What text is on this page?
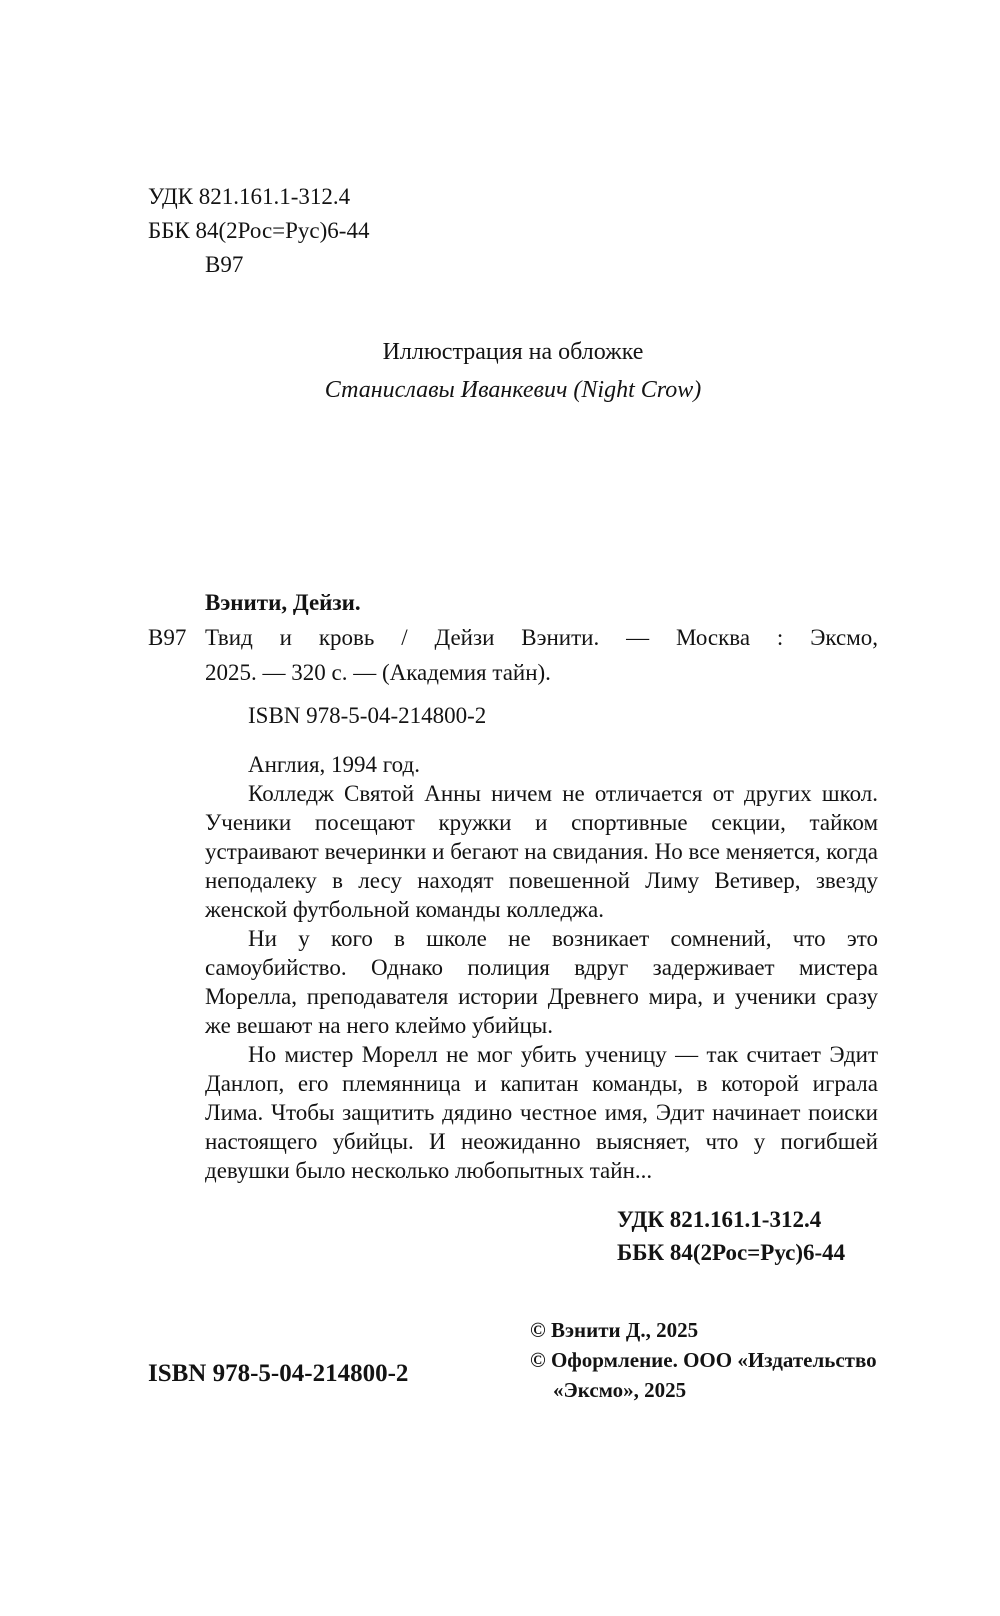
УДК 821.161.1-312.4
ББК 84(2Рос=Рус)6-44
В97
Иллюстрация на обложке
Станиславы Иванкевич (Night Crow)
Вэнити, Дейзи.
В97 Твид и кровь / Дейзи Вэнити. — Москва : Эксмо,
2025. — 320 с. — (Академия тайн).
ISBN 978-5-04-214800-2

Англия, 1994 год.

Колледж Святой Анны ничем не отличается от других школ. Ученики посещают кружки и спортивные секции, тайком устраивают вечеринки и бегают на свидания. Но все меняется, когда неподалеку в лесу находят повешенной Лиму Ветивер, звезду женской футбольной команды колледжа.

Ни у кого в школе не возникает сомнений, что это самоубийство. Однако полиция вдруг задерживает мистера Морелла, преподавателя истории Древнего мира, и ученики сразу же вешают на него клеймо убийцы.

Но мистер Морелл не мог убить ученицу — так считает Эдит Данлоп, его племянница и капитан команды, в которой играла Лима. Чтобы защитить дядино честное имя, Эдит начинает поиски настоящего убийцы. И неожиданно выясняет, что у погибшей девушки было несколько любопытных тайн...

УДК 821.161.1-312.4
ББК 84(2Рос=Рус)6-44
ISBN 978-5-04-214800-2
© Вэнити Д., 2025
© Оформление. ООО «Издательство
«Эксмо», 2025
